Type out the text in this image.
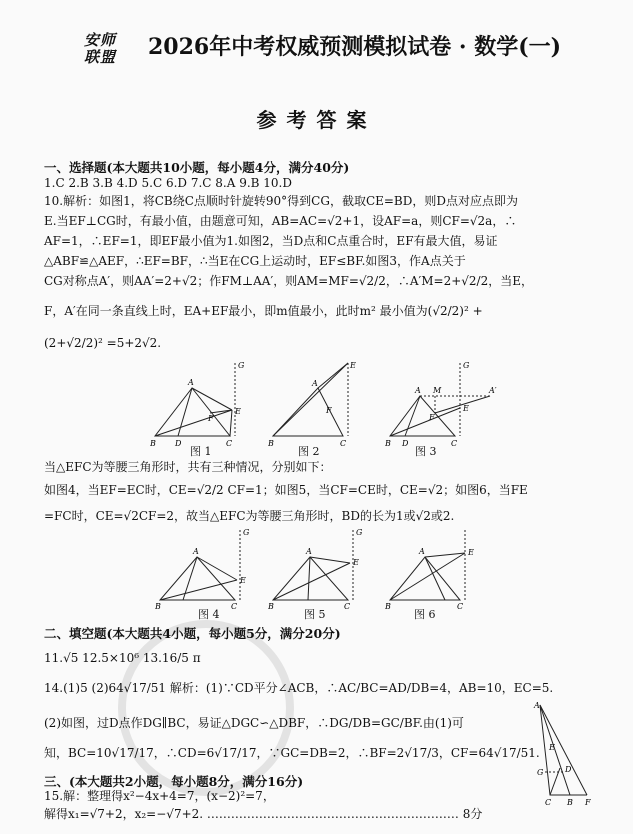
安师
联盟	2026年中考权威预测模拟试卷 · 数学(一)
参考答案
一、选择题(本大题共10小题，每小题4分，满分40分)
1.C 2.B 3.B 4.D 5.C 6.D 7.C 8.A 9.B 10.D
10.解析：如图1，将CB绕C点顺时针旋转90°得到CG，截取CE=BD，则D点对应点即为
E.当EF⊥CG时，有最小值，由题意可知，AB=AC=√2+1，设AF=a，则CF=√2a，∴
AF=1，∴EF=1，即EF最小值为1.如图2，当D点和C点重合时，EF有最大值，易证
△ABF≌△AEF，∴EF=BF，∴当E在CG上运动时，EF≤BF.如图3，作A点关于
CG对称点A′，则AA′=2+√2；作FM⊥AA′，则AM=MF=√2/2，∴A′M=2+√2/2，当E，
F，A′在同一条直线上时，EA+EF最小，即m值最小，此时m² 最小值为(√2/2)² +
(2+√2/2)² =5+2√2.
G
A
B D	C
E
F
图 1
E
A
B	C
F
图 2
G
A M	A′
E
F
B D	C
图 3
当△EFC为等腰三角形时，共有三种情况，分别如下：
如图4，当EF=EC时，CE=√2/2 CF=1；如图5，当CF=CE时，CE=√2；如图6，当FE
=FC时，CE=√2CF=2，故当△EFC为等腰三角形时，BD的长为1或√2或2.
G
A
E
B	C
图 4
G
A
E
B	C
图 5
E
A
B	C
图 6
二、填空题(本大题共4小题，每小题5分，满分20分)
11.√5 12.5×10⁶ 13.16/5 π
14.(1)5 (2)64√17/51 解析：(1)∵CD平分∠ACB，∴AC/BC=AD/DB=4，AB=10，EC=5.
(2)如图，过D点作DG∥BC，易证△DGC∽△DBF，∴DG/DB=GC/BF.由(1)可
知，BC=10√17/17，∴CD=6√17/17，∵GC=DB=2，∴BF=2√17/3，CF=64√17/51.
A
E
G	D
C B F
三、(本大题共2小题，每小题8分，满分16分)
15.解：整理得x²−4x+4=7，(x−2)²=7，
解得x₁=√7+2，x₂=−√7+2. ……………………………………………………… 8分
